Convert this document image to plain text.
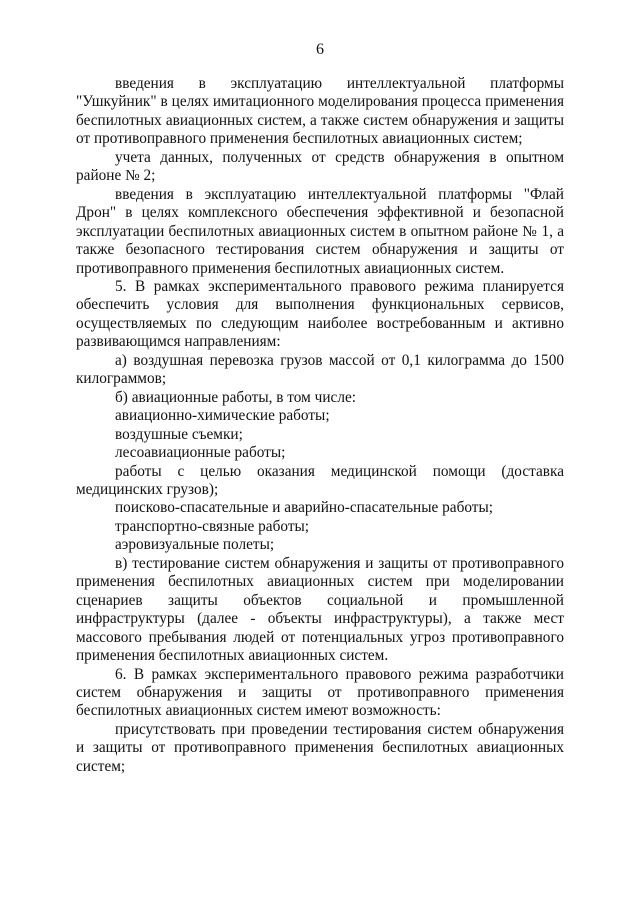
6

введения в эксплуатацию интеллектуальной платформы "Ушкуйник" в целях имитационного моделирования процесса применения беспилотных авиационных систем, а также систем обнаружения и защиты от противоправного применения беспилотных авиационных систем;

учета данных, полученных от средств обнаружения в опытном районе № 2;

введения в эксплуатацию интеллектуальной платформы "Флай Дрон" в целях комплексного обеспечения эффективной и безопасной эксплуатации беспилотных авиационных систем в опытном районе № 1, а также безопасного тестирования систем обнаружения и защиты от противоправного применения беспилотных авиационных систем.

5. В рамках экспериментального правового режима планируется обеспечить условия для выполнения функциональных сервисов, осуществляемых по следующим наиболее востребованным и активно развивающимся направлениям:

а) воздушная перевозка грузов массой от 0,1 килограмма до 1500 килограммов;

б) авиационные работы, в том числе:

авиационно-химические работы;

воздушные съемки;

лесоавиационные работы;

работы с целью оказания медицинской помощи (доставка медицинских грузов);

поисково-спасательные и аварийно-спасательные работы;

транспортно-связные работы;

аэровизуальные полеты;

в) тестирование систем обнаружения и защиты от противоправного применения беспилотных авиационных систем при моделировании сценариев защиты объектов социальной и промышленной инфраструктуры (далее - объекты инфраструктуры), а также мест массового пребывания людей от потенциальных угроз противоправного применения беспилотных авиационных систем.

6. В рамках экспериментального правового режима разработчики систем обнаружения и защиты от противоправного применения беспилотных авиационных систем имеют возможность:

присутствовать при проведении тестирования систем обнаружения и защиты от противоправного применения беспилотных авиационных систем;
